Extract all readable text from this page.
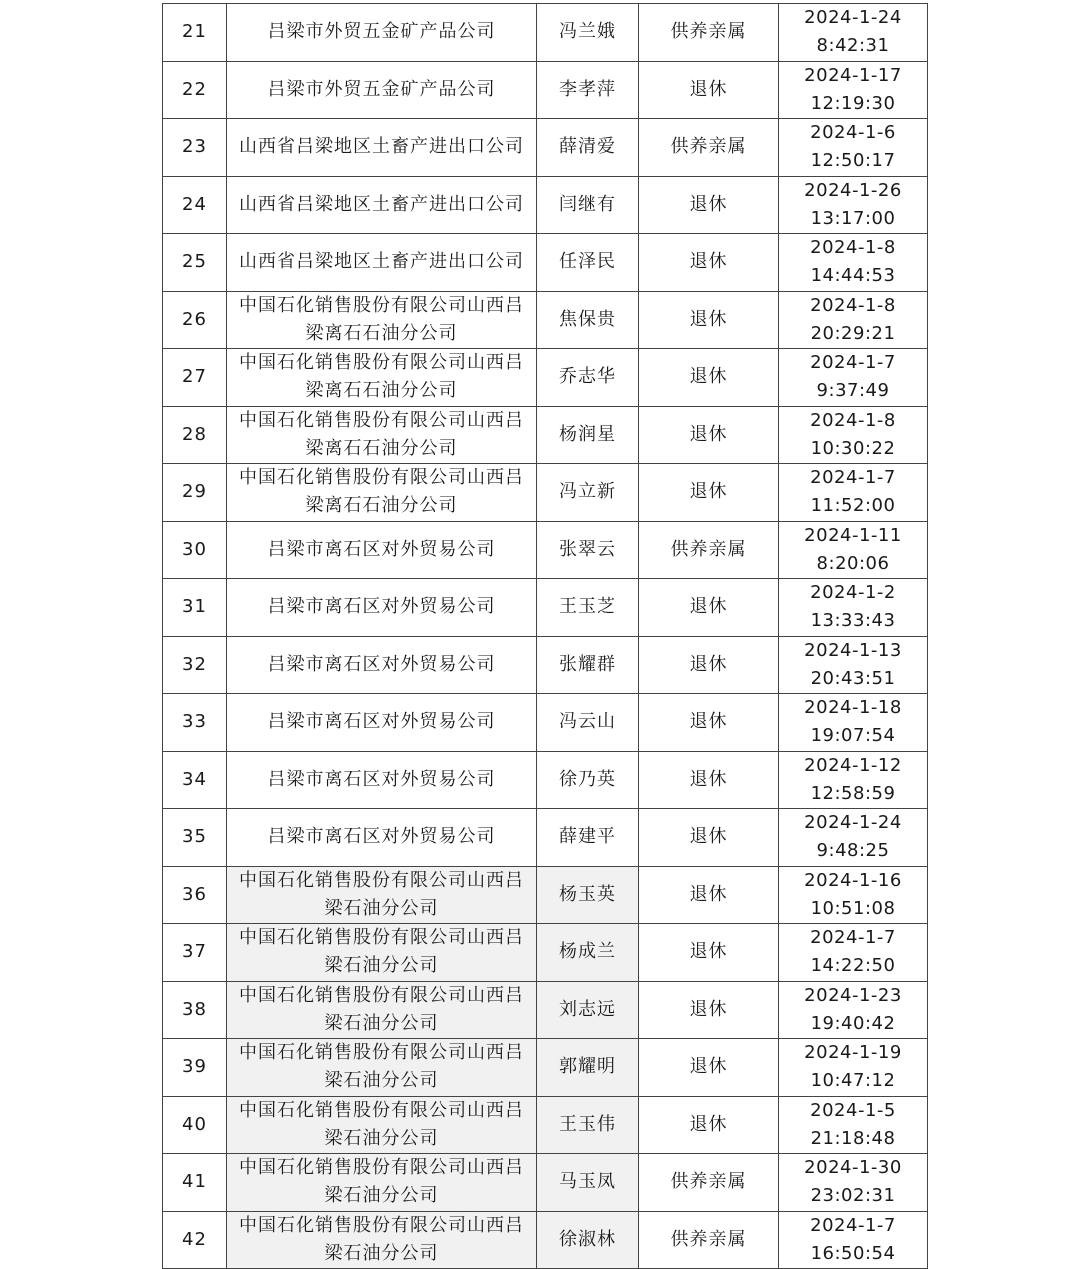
21	吕梁市外贸五金矿产品公司	冯兰娥	供养亲属	2024-1-24
8:42:31

22	吕梁市外贸五金矿产品公司	李孝萍	退休	2024-1-17
12:19:30

23	山西省吕梁地区土畜产进出口公司	薛清爱	供养亲属	2024-1-6
12:50:17

24	山西省吕梁地区土畜产进出口公司	闫继有	退休	2024-1-26
13:17:00

25	山西省吕梁地区土畜产进出口公司	任泽民	退休	2024-1-8
14:44:53

26	中国石化销售股份有限公司山西吕梁离石石油分公司	焦保贵	退休	2024-1-8
20:29:21

27	中国石化销售股份有限公司山西吕梁离石石油分公司	乔志华	退休	2024-1-7
9:37:49

28	中国石化销售股份有限公司山西吕梁离石石油分公司	杨润星	退休	2024-1-8
10:30:22

29	中国石化销售股份有限公司山西吕梁离石石油分公司	冯立新	退休	2024-1-7
11:52:00

30	吕梁市离石区对外贸易公司	张翠云	供养亲属	2024-1-11
8:20:06

31	吕梁市离石区对外贸易公司	王玉芝	退休	2024-1-2
13:33:43

32	吕梁市离石区对外贸易公司	张耀群	退休	2024-1-13
20:43:51

33	吕梁市离石区对外贸易公司	冯云山	退休	2024-1-18
19:07:54

34	吕梁市离石区对外贸易公司	徐乃英	退休	2024-1-12
12:58:59

35	吕梁市离石区对外贸易公司	薛建平	退休	2024-1-24
9:48:25

36	中国石化销售股份有限公司山西吕梁石油分公司	杨玉英	退休	2024-1-16
10:51:08

37	中国石化销售股份有限公司山西吕梁石油分公司	杨成兰	退休	2024-1-7
14:22:50

38	中国石化销售股份有限公司山西吕梁石油分公司	刘志远	退休	2024-1-23
19:40:42

39	中国石化销售股份有限公司山西吕梁石油分公司	郭耀明	退休	2024-1-19
10:47:12

40	中国石化销售股份有限公司山西吕梁石油分公司	王玉伟	退休	2024-1-5
21:18:48

41	中国石化销售股份有限公司山西吕梁石油分公司	马玉凤	供养亲属	2024-1-30
23:02:31

42	中国石化销售股份有限公司山西吕梁石油分公司	徐淑林	供养亲属	2024-1-7
16:50:54
